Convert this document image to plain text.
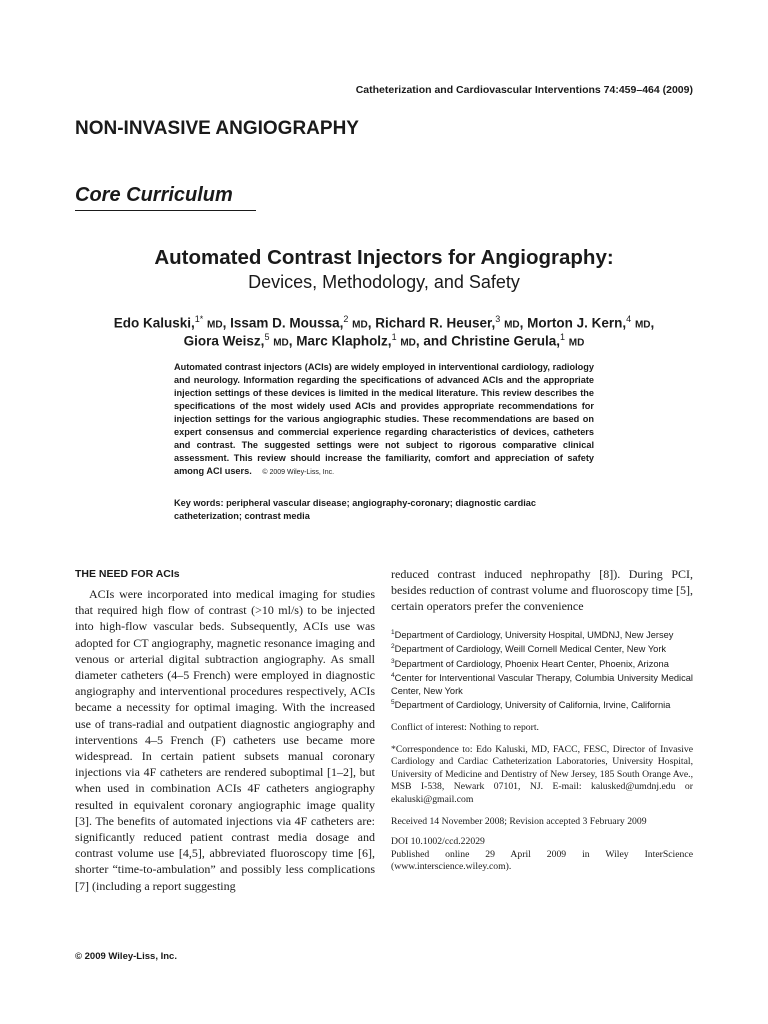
Catheterization and Cardiovascular Interventions 74:459–464 (2009)
NON-INVASIVE ANGIOGRAPHY
Core Curriculum
Automated Contrast Injectors for Angiography:
Devices, Methodology, and Safety
Edo Kaluski,$^{1*}$ MD, Issam D. Moussa,$^2$ MD, Richard R. Heuser,$^3$ MD, Morton J. Kern,$^4$ MD,
Giora Weisz,$^5$ MD, Marc Klapholz,$^1$ MD, and Christine Gerula,$^1$ MD
Automated contrast injectors (ACIs) are widely employed in interventional cardiology, radiology and neurology. Information regarding the specifications of advanced ACIs and the appropriate injection settings of these devices is limited in the medical literature. This review describes the specifications of the most widely used ACIs and provides appropriate recommendations for injection settings for the various angiographic studies. These recommendations are based on expert consensus and commercial experience regarding characteristics of devices, catheters and contrast. The suggested settings were not subject to rigorous comparative clinical assessment. This review should increase the familiarity, comfort and appreciation of safety among ACI users. © 2009 Wiley-Liss, Inc.
Key words: peripheral vascular disease; angiography-coronary; diagnostic cardiac catheterization; contrast media
THE NEED FOR ACIs

ACIs were incorporated into medical imaging for studies that required high flow of contrast (>10 ml/s) to be injected into high-flow vascular beds. Subsequently, ACIs use was adopted for CT angiography, magnetic resonance imaging and venous or arterial digital subtraction angiography. As small diameter catheters (4–5 French) were employed in diagnostic angiography and interventional procedures respectively, ACIs became a necessity for optimal imaging. With the increased use of trans-radial and outpatient diagnostic angiography and interventions 4–5 French (F) catheters use became more widespread. In certain patient subsets manual coronary injections via 4F catheters are rendered suboptimal [1–2], but when used in combination ACIs 4F catheters angiography resulted in equivalent coronary angiographic image quality [3]. The benefits of automated injections via 4F catheters are: significantly reduced patient contrast media dosage and contrast volume use [4,5], abbreviated fluoroscopy time [6], shorter “time-to-ambulation” and possibly less complications [7] (including a report suggesting

reduced contrast induced nephropathy [8]). During PCI, besides reduction of contrast volume and fluoroscopy time [5], certain operators prefer the convenience

$^1$Department of Cardiology, University Hospital, UMDNJ, New Jersey
$^2$Department of Cardiology, Weill Cornell Medical Center, New York
$^3$Department of Cardiology, Phoenix Heart Center, Phoenix, Arizona
$^4$Center for Interventional Vascular Therapy, Columbia University Medical Center, New York
$^5$Department of Cardiology, University of California, Irvine, California
Conflict of interest: Nothing to report.
*Correspondence to: Edo Kaluski, MD, FACC, FESC, Director of Invasive Cardiology and Cardiac Catheterization Laboratories, University Hospital, University of Medicine and Dentistry of New Jersey, 185 South Orange Ave., MSB I-538, Newark 07101, NJ. E-mail: kalusked@umdnj.edu or ekaluski@gmail.com
Received 14 November 2008; Revision accepted 3 February 2009
DOI 10.1002/ccd.22029
Published online 29 April 2009 in Wiley InterScience (www.interscience.wiley.com).
© 2009 Wiley-Liss, Inc.
